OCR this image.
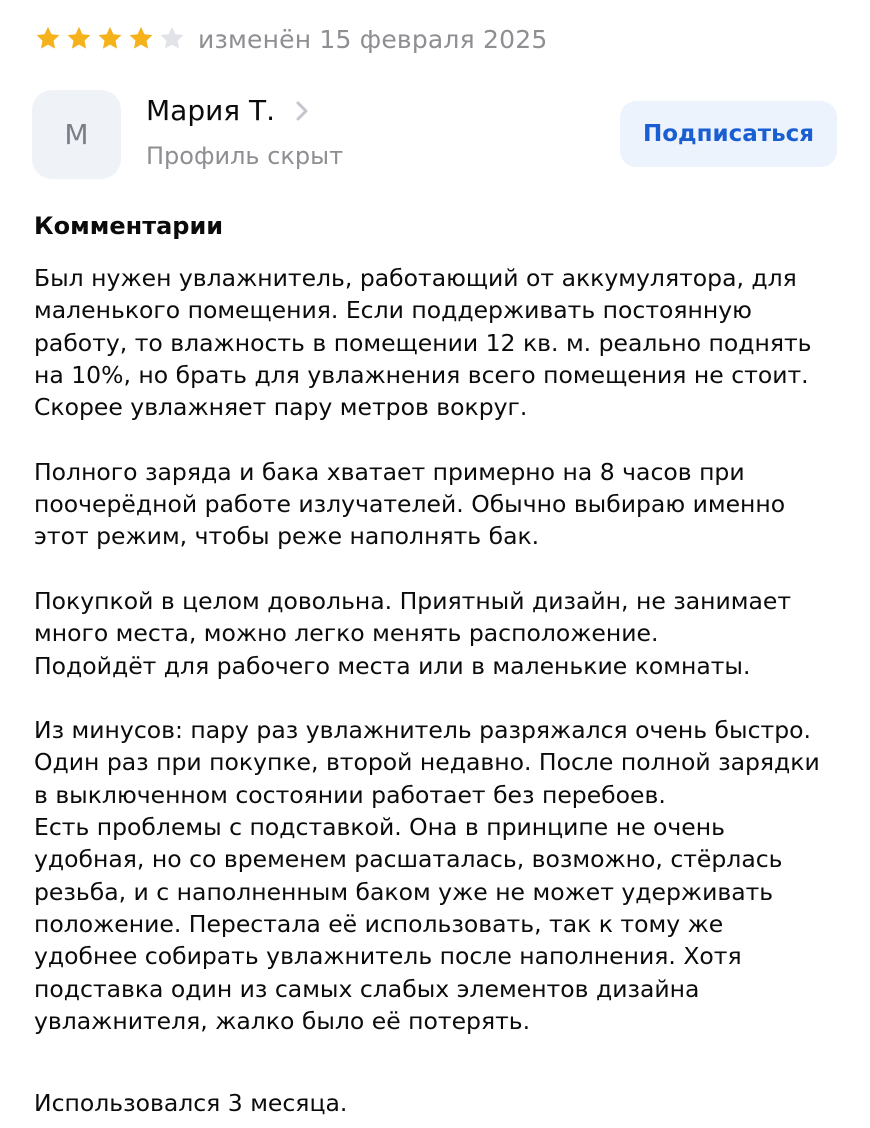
изменён 15 февраля 2025
М
Мария Т.
Профиль скрыт
Подписаться
Комментарии
Был нужен увлажнитель, работающий от аккумулятора, для
маленького помещения. Если поддерживать постоянную
работу, то влажность в помещении 12 кв. м. реально поднять
на 10%, но брать для увлажнения всего помещения не стоит.
Скорее увлажняет пару метров вокруг.
Полного заряда и бака хватает примерно на 8 часов при
поочерёдной работе излучателей. Обычно выбираю именно
этот режим, чтобы реже наполнять бак.
Покупкой в целом довольна. Приятный дизайн, не занимает
много места, можно легко менять расположение.
Подойдёт для рабочего места или в маленькие комнаты.
Из минусов: пару раз увлажнитель разряжался очень быстро.
Один раз при покупке, второй недавно. После полной зарядки
в выключенном состоянии работает без перебоев.
Есть проблемы с подставкой. Она в принципе не очень
удобная, но со временем расшаталась, возможно, стёрлась
резьба, и с наполненным баком уже не может удерживать
положение. Перестала её использовать, так к тому же
удобнее собирать увлажнитель после наполнения. Хотя
подставка один из самых слабых элементов дизайна
увлажнителя, жалко было её потерять.
Использовался 3 месяца.
